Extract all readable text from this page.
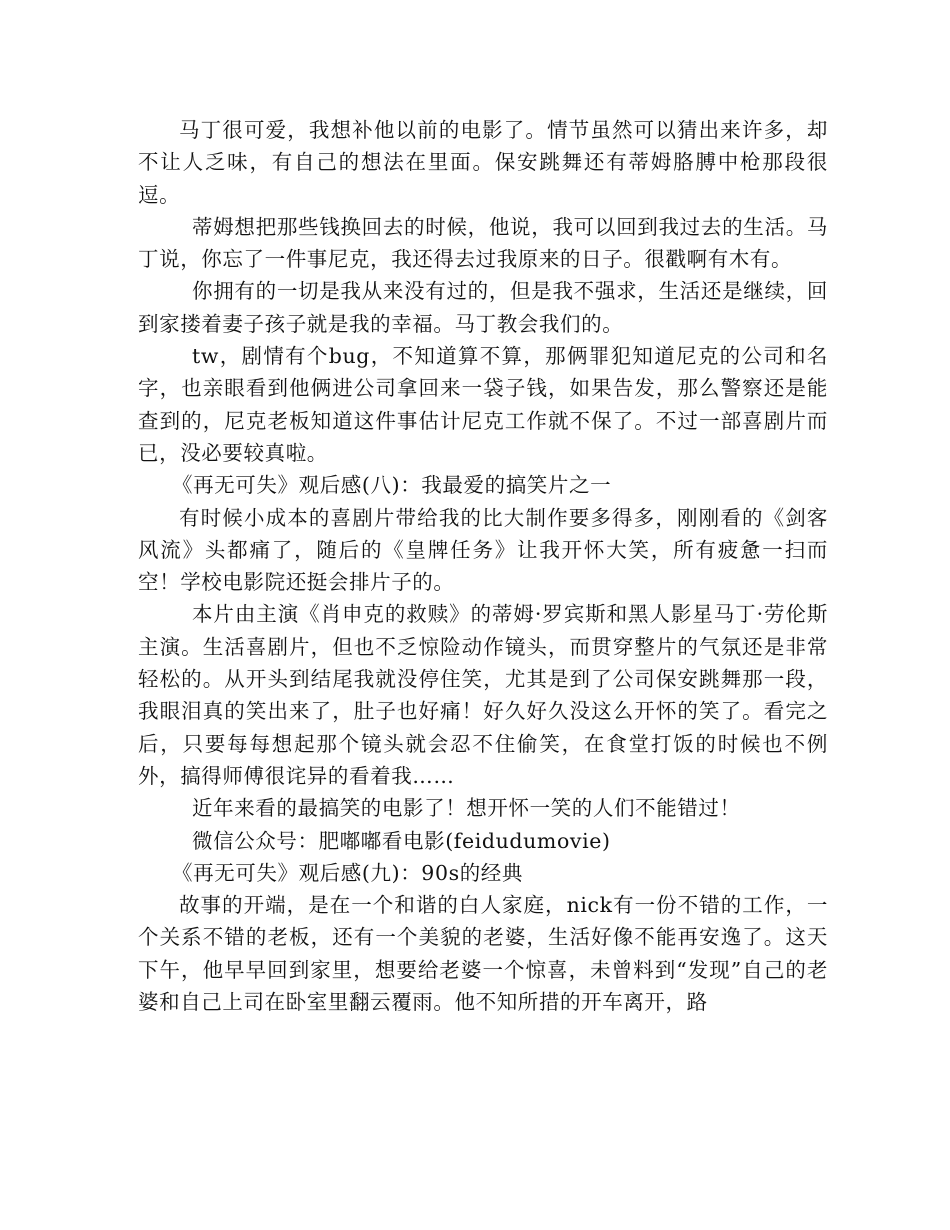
马丁很可爱，我想补他以前的电影了。情节虽然可以猜出来许多，却不让人乏味，有自己的想法在里面。保安跳舞还有蒂姆胳膊中枪那段很逗。

蒂姆想把那些钱换回去的时候，他说，我可以回到我过去的生活。马丁说，你忘了一件事尼克，我还得去过我原来的日子。很戳啊有木有。

你拥有的一切是我从来没有过的，但是我不强求，生活还是继续，回到家搂着妻子孩子就是我的幸福。马丁教会我们的。

tw，剧情有个bug，不知道算不算，那俩罪犯知道尼克的公司和名字，也亲眼看到他俩进公司拿回来一袋子钱，如果告发，那么警察还是能查到的，尼克老板知道这件事估计尼克工作就不保了。不过一部喜剧片而已，没必要较真啦。

《再无可失》观后感(八)：我最爱的搞笑片之一

有时候小成本的喜剧片带给我的比大制作要多得多，刚刚看的《剑客风流》头都痛了，随后的《皇牌任务》让我开怀大笑，所有疲惫一扫而空！学校电影院还挺会排片子的。

本片由主演《肖申克的救赎》的蒂姆·罗宾斯和黑人影星马丁·劳伦斯主演。生活喜剧片，但也不乏惊险动作镜头，而贯穿整片的气氛还是非常轻松的。从开头到结尾我就没停住笑，尤其是到了公司保安跳舞那一段，我眼泪真的笑出来了，肚子也好痛！好久好久没这么开怀的笑了。看完之后，只要每每想起那个镜头就会忍不住偷笑，在食堂打饭的时候也不例外，搞得师傅很诧异的看着我……

近年来看的最搞笑的电影了！想开怀一笑的人们不能错过！

微信公众号：肥嘟嘟看电影(feidudumovie)

《再无可失》观后感(九)：90s的经典

故事的开端，是在一个和谐的白人家庭，nick有一份不错的工作，一个关系不错的老板，还有一个美貌的老婆，生活好像不能再安逸了。这天下午，他早早回到家里，想要给老婆一个惊喜，未曾料到“发现”自己的老婆和自己上司在卧室里翻云覆雨。他不知所措的开车离开，路
